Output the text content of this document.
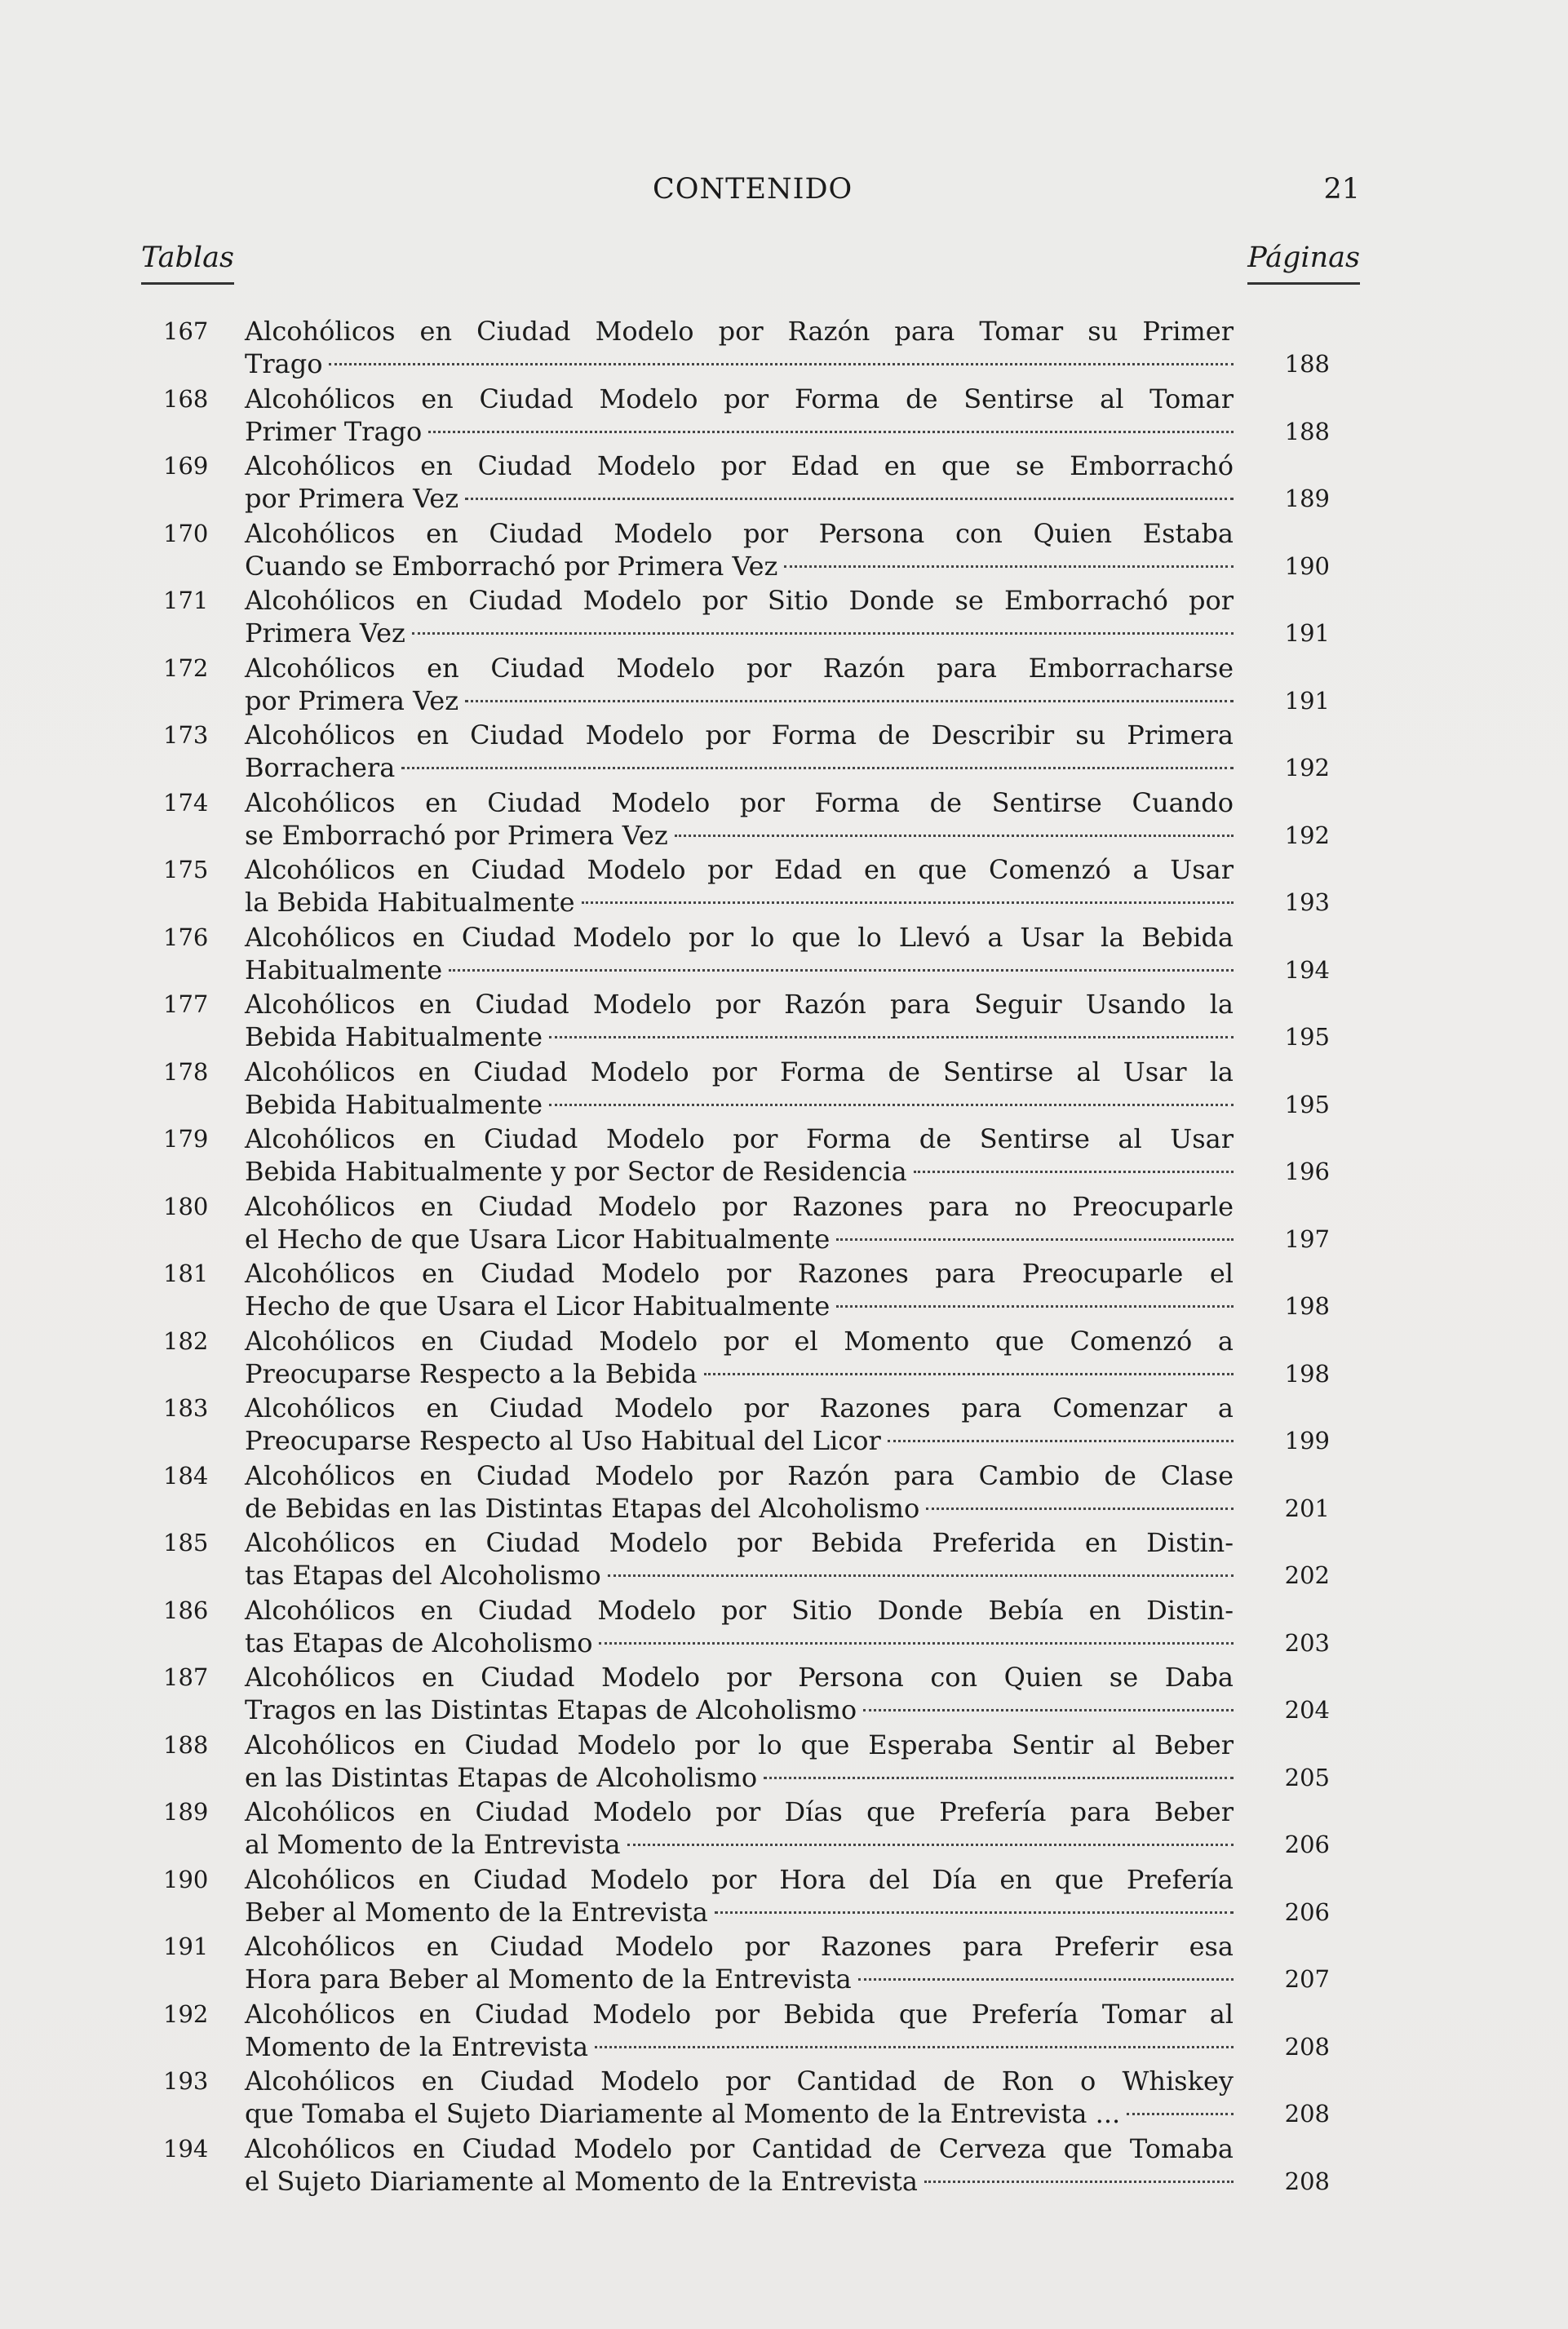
CONTENIDO	21
Tablas	Páginas
167	Alcohólicos en Ciudad Modelo por Razón para Tomar su Primer
Trago	188
168	Alcohólicos en Ciudad Modelo por Forma de Sentirse al Tomar
Primer Trago	188
169	Alcohólicos en Ciudad Modelo por Edad en que se Emborrachó
por Primera Vez	189
170	Alcohólicos en Ciudad Modelo por Persona con Quien Estaba
Cuando se Emborrachó por Primera Vez	190
171	Alcohólicos en Ciudad Modelo por Sitio Donde se Emborrachó por
Primera Vez	191
172	Alcohólicos en Ciudad Modelo por Razón para Emborracharse
por Primera Vez	191
173	Alcohólicos en Ciudad Modelo por Forma de Describir su Primera
Borrachera	192
174	Alcohólicos en Ciudad Modelo por Forma de Sentirse Cuando
se Emborrachó por Primera Vez	192
175	Alcohólicos en Ciudad Modelo por Edad en que Comenzó a Usar
la Bebida Habitualmente	193
176	Alcohólicos en Ciudad Modelo por lo que lo Llevó a Usar la Bebida
Habitualmente	194
177	Alcohólicos en Ciudad Modelo por Razón para Seguir Usando la
Bebida Habitualmente	195
178	Alcohólicos en Ciudad Modelo por Forma de Sentirse al Usar la
Bebida Habitualmente	195
179	Alcohólicos en Ciudad Modelo por Forma de Sentirse al Usar
Bebida Habitualmente y por Sector de Residencia	196
180	Alcohólicos en Ciudad Modelo por Razones para no Preocuparle
el Hecho de que Usara Licor Habitualmente	197
181	Alcohólicos en Ciudad Modelo por Razones para Preocuparle el
Hecho de que Usara el Licor Habitualmente	198
182	Alcohólicos en Ciudad Modelo por el Momento que Comenzó a
Preocuparse Respecto a la Bebida	198
183	Alcohólicos en Ciudad Modelo por Razones para Comenzar a
Preocuparse Respecto al Uso Habitual del Licor	199
184	Alcohólicos en Ciudad Modelo por Razón para Cambio de Clase
de Bebidas en las Distintas Etapas del Alcoholismo	201
185	Alcohólicos en Ciudad Modelo por Bebida Preferida en Distin-
tas Etapas del Alcoholismo	202
186	Alcohólicos en Ciudad Modelo por Sitio Donde Bebía en Distin-
tas Etapas de Alcoholismo	203
187	Alcohólicos en Ciudad Modelo por Persona con Quien se Daba
Tragos en las Distintas Etapas de Alcoholismo	204
188	Alcohólicos en Ciudad Modelo por lo que Esperaba Sentir al Beber
en las Distintas Etapas de Alcoholismo	205
189	Alcohólicos en Ciudad Modelo por Días que Prefería para Beber
al Momento de la Entrevista	206
190	Alcohólicos en Ciudad Modelo por Hora del Día en que Prefería
Beber al Momento de la Entrevista	206
191	Alcohólicos en Ciudad Modelo por Razones para Preferir esa
Hora para Beber al Momento de la Entrevista	207
192	Alcohólicos en Ciudad Modelo por Bebida que Prefería Tomar al
Momento de la Entrevista	208
193	Alcohólicos en Ciudad Modelo por Cantidad de Ron o Whiskey
que Tomaba el Sujeto Diariamente al Momento de la Entrevista ...	208
194	Alcohólicos en Ciudad Modelo por Cantidad de Cerveza que Tomaba
el Sujeto Diariamente al Momento de la Entrevista	208
